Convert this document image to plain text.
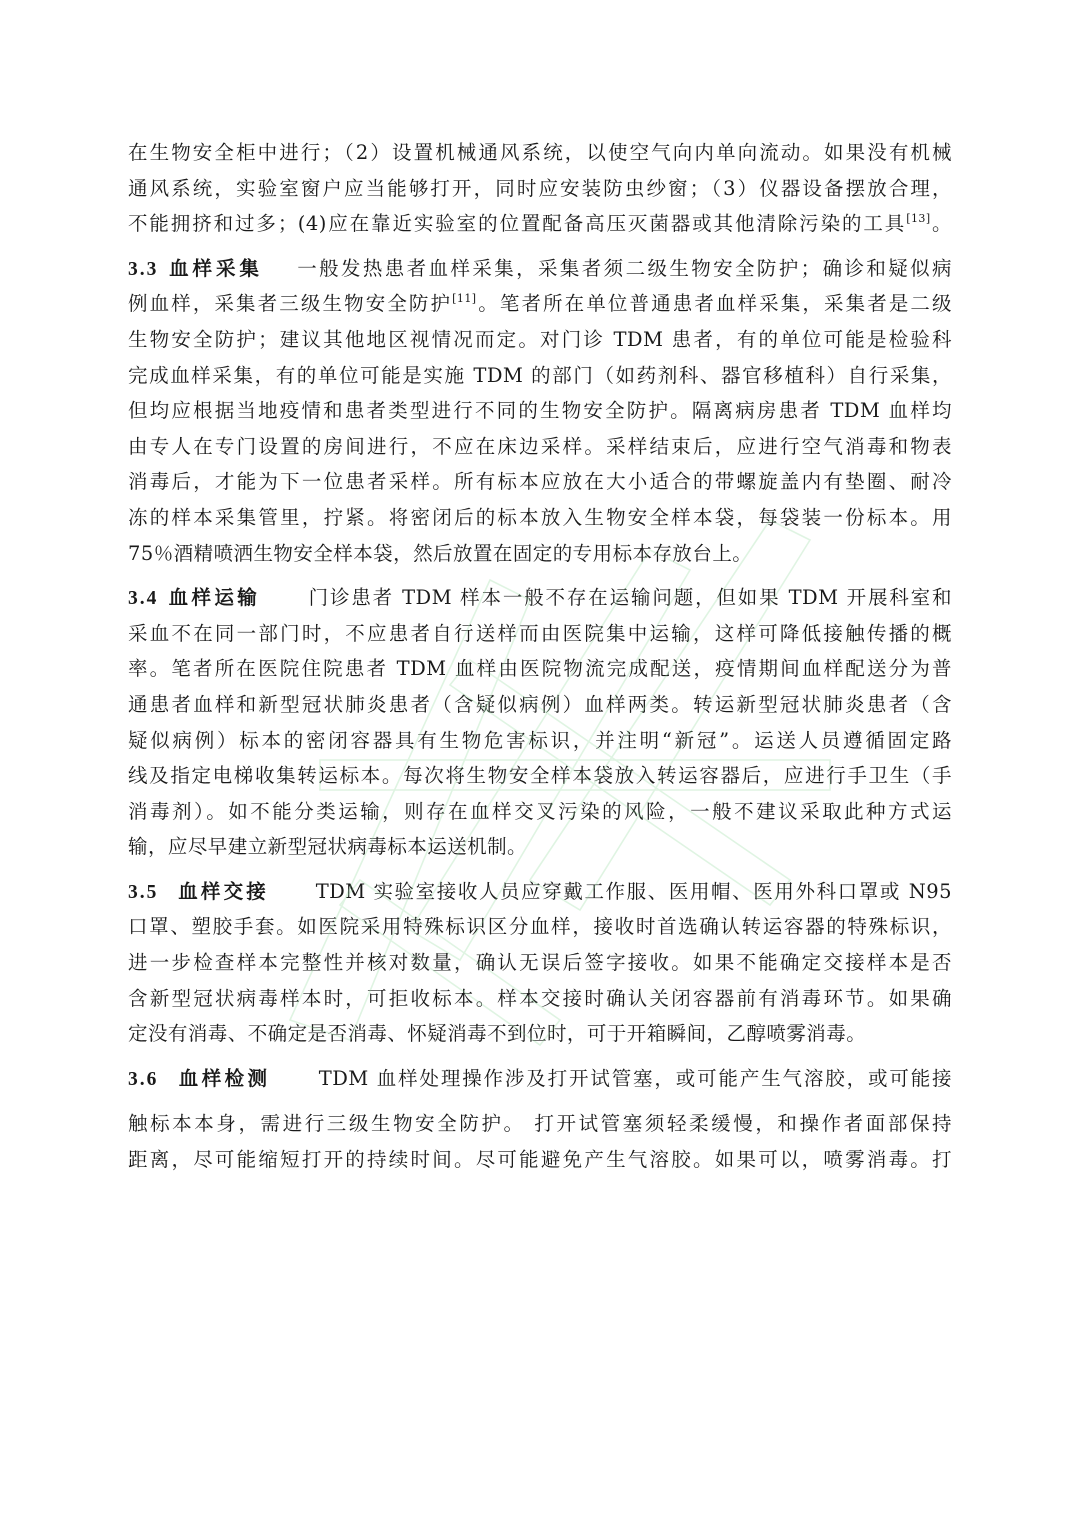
在生物安全柜中进行；（2）设置机械通风系统，以使空气向内单向流动。如果没有机械
通风系统，实验室窗户应当能够打开，同时应安装防虫纱窗；（3）仪器设备摆放合理，
不能拥挤和过多；(4)应在靠近实验室的位置配备高压灭菌器或其他清除污染的工具[13]。
3.3 血样采集 一般发热患者血样采集，采集者须二级生物安全防护；确诊和疑似病
例血样，采集者三级生物安全防护[11]。笔者所在单位普通患者血样采集，采集者是二级
生物安全防护；建议其他地区视情况而定。对门诊 TDM 患者，有的单位可能是检验科
完成血样采集，有的单位可能是实施 TDM 的部门（如药剂科、器官移植科）自行采集，
但均应根据当地疫情和患者类型进行不同的生物安全防护。隔离病房患者 TDM 血样均
由专人在专门设置的房间进行，不应在床边采样。采样结束后，应进行空气消毒和物表
消毒后，才能为下一位患者采样。所有标本应放在大小适合的带螺旋盖内有垫圈、耐冷
冻的样本采集管里，拧紧。将密闭后的标本放入生物安全样本袋，每袋装一份标本。用
75％酒精喷洒生物安全样本袋，然后放置在固定的专用标本存放台上。
3.4 血样运输 门诊患者 TDM 样本一般不存在运输问题，但如果 TDM 开展科室和
采血不在同一部门时，不应患者自行送样而由医院集中运输，这样可降低接触传播的概
率。笔者所在医院住院患者 TDM 血样由医院物流完成配送，疫情期间血样配送分为普
通患者血样和新型冠状肺炎患者（含疑似病例）血样两类。转运新型冠状肺炎患者（含
疑似病例）标本的密闭容器具有生物危害标识，并注明“新冠”。运送人员遵循固定路
线及指定电梯收集转运标本。每次将生物安全样本袋放入转运容器后，应进行手卫生（手
消毒剂）。如不能分类运输，则存在血样交叉污染的风险，一般不建议采取此种方式运
输，应尽早建立新型冠状病毒标本运送机制。
3.5 血样交接 TDM 实验室接收人员应穿戴工作服、医用帽、医用外科口罩或 N95
口罩、塑胶手套。如医院采用特殊标识区分血样，接收时首选确认转运容器的特殊标识，
进一步检查样本完整性并核对数量，确认无误后签字接收。如果不能确定交接样本是否
含新型冠状病毒样本时，可拒收标本。样本交接时确认关闭容器前有消毒环节。如果确
定没有消毒、不确定是否消毒、怀疑消毒不到位时，可于开箱瞬间，乙醇喷雾消毒。
3.6 血样检测 TDM 血样处理操作涉及打开试管塞，或可能产生气溶胶，或可能接
触标本本身，需进行三级生物安全防护。 打开试管塞须轻柔缓慢，和操作者面部保持
距离，尽可能缩短打开的持续时间。尽可能避免产生气溶胶。如果可以，喷雾消毒。打
